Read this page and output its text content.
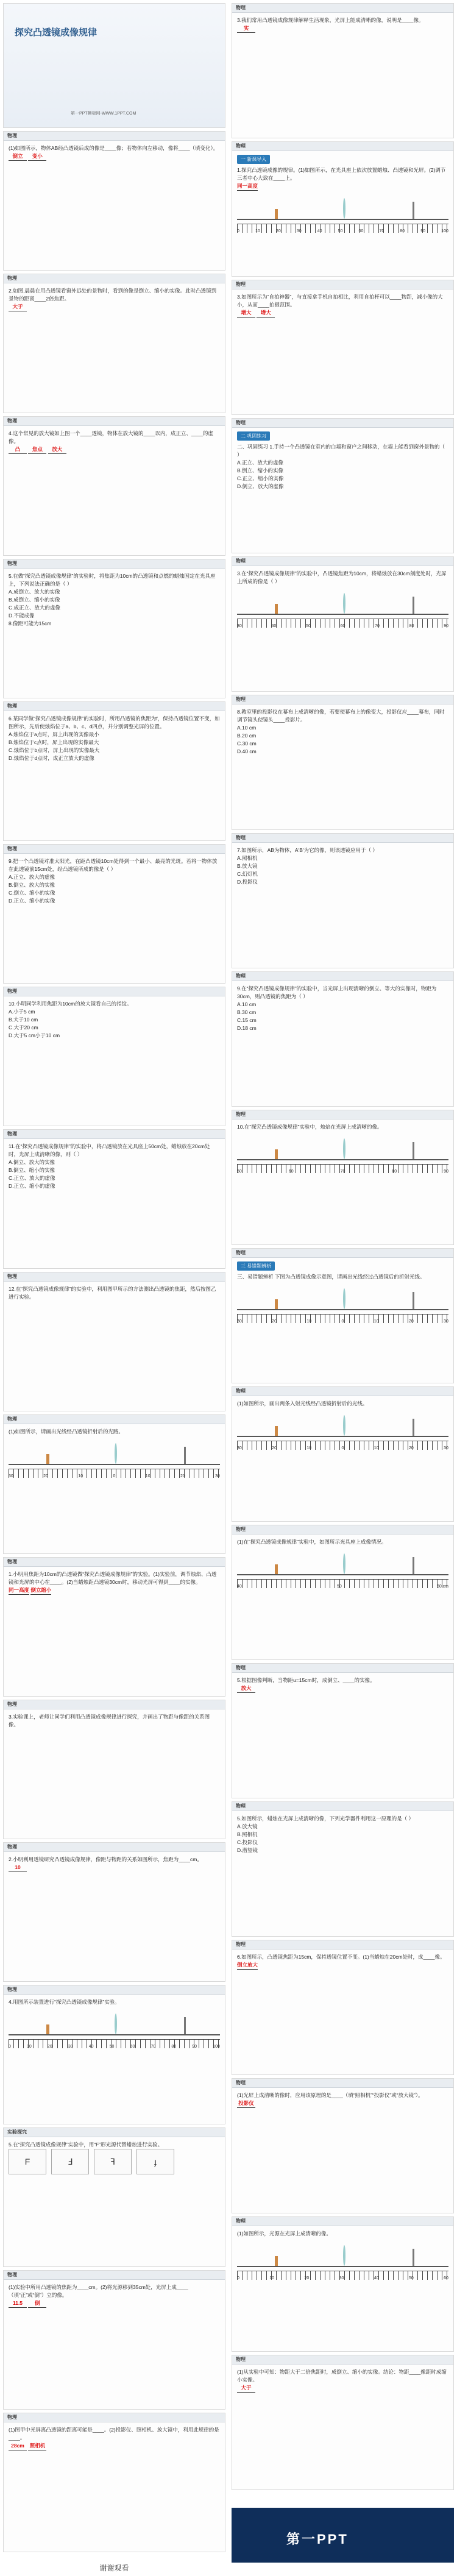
探究凸透镜成像规律
第一PPT模板网-WWW.1PPT.COM
物理
(1)如图所示，物体AB经凸透镜后成的像是____像；若物体向左移动，像将____（填变化）。
倒立 变小
物理
2.如图,晨晨在用凸透镜看窗外远处的景物时，看到的像是倒立、缩小的实像。此时凸透镜到景物的距离____2倍焦距。
大于
物理
4.这个常见的放大镜如上图一个____透镜，物体在放大镜的____以内，成正立、____的虚像。
凸 焦点 放大
物理
5.在做“探究凸透镜成像规律”的实验时，将焦距为10cm的凸透镜和点燃的蜡烛固定在光具座上，下列说法正确的是（ ）
A.成倒立、放大的实像
B.成倒立、缩小的实像
C.成正立、放大的虚像
D.不能成像
8.像距可能为15cm
物理
6.某同学做“探究凸透镜成像规律”的实验时，所用凸透镜的焦距为f，保持凸透镜位置不变，如图所示，先后使烛焰位于a、b、c、d四点，并分别调整光屏的位置。
A.烛焰位于a点时，屏上出现的实像最小
B.烛焰位于c点时，屏上出现的实像最大
C.烛焰位于b点时，屏上出现的实像最大
D.烛焰位于d点时，成正立放大的虚像
物理
9.把一个凸透镜对准太阳光，在距凸透镜10cm处得到一个最小、最亮的光斑。若将一物体放在此透镜前15cm处，经凸透镜所成的像是（ ）
A.正立、放大的虚像
B.倒立、放大的实像
C.倒立、缩小的实像
D.正立、缩小的实像
物理
10.小明同学利用焦距为10cm的放大镜看自己的指纹。
A.小于5 cm
B.大于10 cm
C.大于20 cm
D.大于5 cm小于10 cm
物理
11.在“探究凸透镜成像规律”的实验中，将凸透镜放在光具座上50cm处，蜡烛放在20cm处时，光屏上成清晰的像，则（ ）
A.倒立、放大的实像
B.倒立、缩小的实像
C.正立、放大的虚像
D.正立、缩小的虚像
物理
12.在“探究凸透镜成像规律”的实验中，利用图甲所示的方法测出凸透镜的焦距，然后按图乙进行实验。
物理
(1)如图所示，请画出光线经凸透镜折射后的光路。
30	20	10	0	10	20	30
物理
1.小明用焦距为10cm的凸透镜做“探究凸透镜成像规律”的实验。(1)实验前，调节烛焰、凸透镜和光屏的中心在____。(2)当蜡烛距凸透镜30cm时，移动光屏可得到____的实像。
同一高度 倒立缩小
物理
3.实验课上，老师让同学们利用凸透镜成像规律进行探究，并画出了物距与像距的关系图像。
物理
2.小明利用透镜研究凸透镜成像规律，像距与物距的关系如图所示，焦距为____cm。
10
物理
4.用图所示装置进行“探究凸透镜成像规律”实验。
0	10	20	30	40	50	60	70	80	90	100
实验探究
5.在“探究凸透镜成像规律”实验中，用“F”形光源代替蜡烛进行实验。
F	Ⅎ	ꟻ	ɟ
物理
(1)实验中所用凸透镜的焦距为____cm。(2)将光源移到35cm处，光屏上成____（填“正”或“倒”）立的像。
11.5 倒
物理
(1)图甲中光屏离凸透镜的距离可能是____。(2)投影仪、照相机、放大镜中，利用此规律的是____。
28cm 照相机
谢谢观看
物理
3.我们常用凸透镜成像规律解释生活现象，光屏上能成清晰的像，说明是____像。
实
物理
一 新课导入
1.探究凸透镜成像的规律。(1)如图所示，在光具座上依次放置蜡烛、凸透镜和光屏。(2)调节三者中心大致在____上。
同一高度
0	10	20	30	40	50	60	70	80	90	100
物理
3.如图所示为“自拍神器”，与直接拿手机自拍相比，利用自拍杆可以____物距，减小像的大小，从而____拍摄范围。
增大 增大
物理
二 巩固练习
二、巩固练习 1.手持一个凸透镜在室内的白墙和窗户之间移动，在墙上能看到窗外景物的（ ）
A.正立、放大的虚像
B.倒立、缩小的实像
C.正立、缩小的实像
D.倒立、放大的虚像
物理
3.在“探究凸透镜成像规律”的实验中，凸透镜焦距为10cm，将蜡烛放在30cm刻度处时，光屏上所成的像是（ ）
30	40	50	60	70	80	90
物理
8.教室里的投影仪在幕布上成清晰的像，若要使幕布上的像变大，投影仪应____幕布，同时调节镜头使镜头____投影片。
A.10 cm
B.20 cm
C.30 cm
D.40 cm
物理
7.如图所示，AB为物体，A'B'为它的像，则该透镜应用于（ ）
A.照相机
B.放大镜
C.幻灯机
D.投影仪
物理
9.在“探究凸透镜成像规律”的实验中，当光屏上出现清晰的倒立、等大的实像时，物距为30cm，则凸透镜的焦距为（ ）
A.10 cm
B.30 cm
C.15 cm
D.18 cm
物理
10.在“探究凸透镜成像规律”实验中，烛焰在光屏上成清晰的像。
50	60	70	80	90
物理
三 易错题辨析
三、易错题辨析 下图为凸透镜成像示意图，请画出光线经过凸透镜后的折射光线。
30	20	10	0	10	20	30
物理
(1)如图所示，画出两条入射光线经凸透镜折射后的光线。
30	20	10	0	10	20	30
物理
(1)在“探究凸透镜成像规律”实验中，如图所示光具座上成像情况。
40	50	60 cm
物理
5.根据图像判断，当物距u=15cm时，成倒立、____的实像。
放大
物理
5.如图所示，蜡烛在光屏上成清晰的像，下列光学器件利用这一原理的是（ ）
A.放大镜
B.照相机
C.投影仪
D.潜望镜
物理
6.如图所示，凸透镜焦距为15cm，保持透镜位置不变。(1)当蜡烛在20cm处时，成____像。
倒立放大
物理
(1)光屏上成清晰的像时，应用该原理的是____（填“照相机”“投影仪”或“放大镜”）。
投影仪
物理
(1)如图所示，光源在光屏上成清晰的像。
0	10	20	30	40	50	60
物理
(1)从实验中可知：物距大于二倍焦距时，成倒立、缩小的实像。结论：物距____像距时成缩小实像。
大于
第一PPT
